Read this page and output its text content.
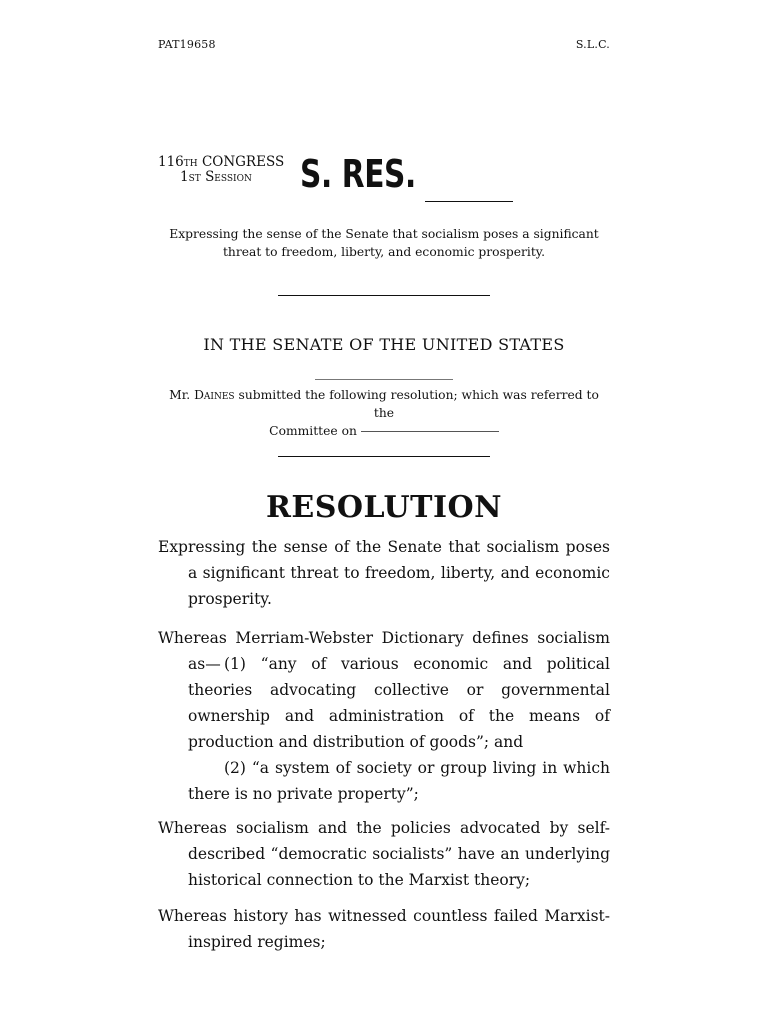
PAT19658	S.L.C.
116th CONGRESS
1st Session	S. RES.
Expressing the sense of the Senate that socialism poses a significant threat to freedom, liberty, and economic prosperity.
IN THE SENATE OF THE UNITED STATES
Mr. Daines submitted the following resolution; which was referred to the
Committee on
RESOLUTION
Expressing the sense of the Senate that socialism poses a significant threat to freedom, liberty, and economic prosperity.
Whereas Merriam-Webster Dictionary defines socialism as— (1) “any of various economic and political theories advocating collective or governmental ownership and administration of the means of production and distribution of goods”; and
(2) “a system of society or group living in which there is no private property”;
Whereas socialism and the policies advocated by self-described “democratic socialists” have an underlying historical connection to the Marxist theory;
Whereas history has witnessed countless failed Marxist-inspired regimes;
